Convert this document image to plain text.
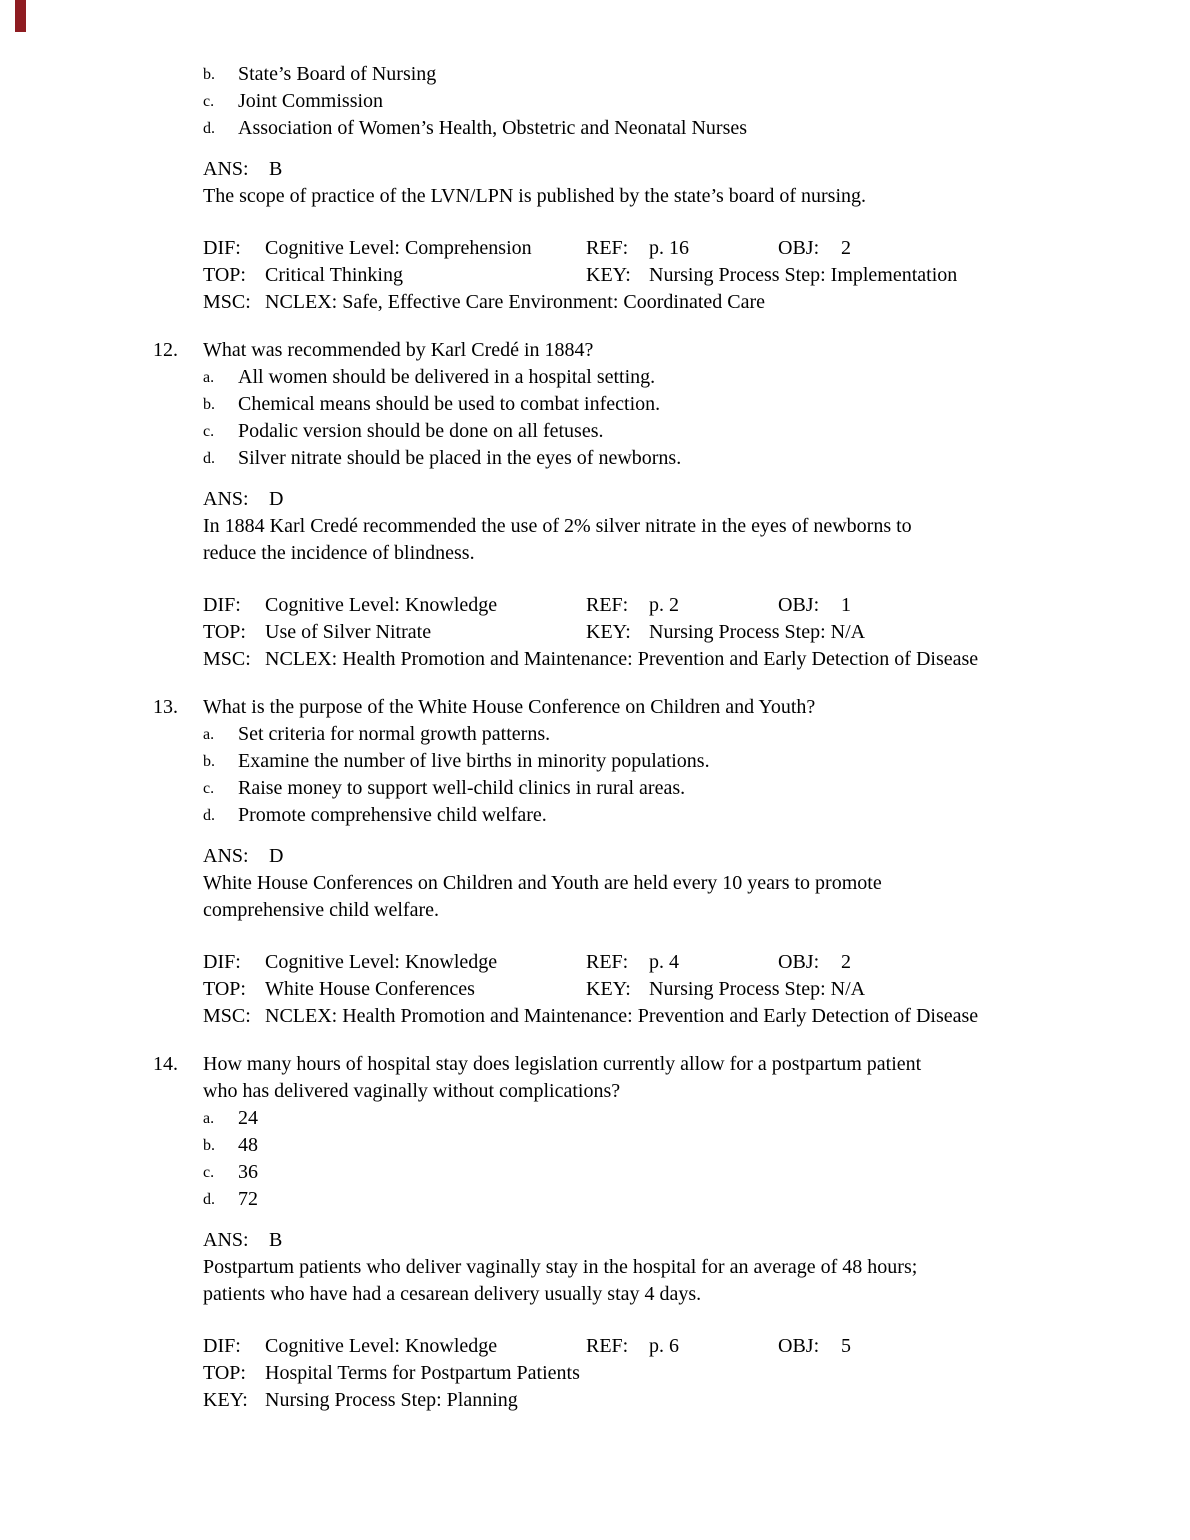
b. State’s Board of Nursing
c. Joint Commission
d. Association of Women’s Health, Obstetric and Neonatal Nurses
ANS: B
The scope of practice of the LVN/LPN is published by the state’s board of nursing.
DIF: Cognitive Level: Comprehension	REF: p. 16	OBJ: 2
TOP: Critical Thinking	KEY: Nursing Process Step: Implementation
MSC: NCLEX: Safe, Effective Care Environment: Coordinated Care
12. What was recommended by Karl Credé in 1884?
a. All women should be delivered in a hospital setting.
b. Chemical means should be used to combat infection.
c. Podalic version should be done on all fetuses.
d. Silver nitrate should be placed in the eyes of newborns.
ANS: D
In 1884 Karl Credé recommended the use of 2% silver nitrate in the eyes of newborns to
reduce the incidence of blindness.
DIF: Cognitive Level: Knowledge	REF: p. 2	OBJ: 1
TOP: Use of Silver Nitrate	KEY: Nursing Process Step: N/A
MSC: NCLEX: Health Promotion and Maintenance: Prevention and Early Detection of Disease
13. What is the purpose of the White House Conference on Children and Youth?
a. Set criteria for normal growth patterns.
b. Examine the number of live births in minority populations.
c. Raise money to support well-child clinics in rural areas.
d. Promote comprehensive child welfare.
ANS: D
White House Conferences on Children and Youth are held every 10 years to promote
comprehensive child welfare.
DIF: Cognitive Level: Knowledge	REF: p. 4	OBJ: 2
TOP: White House Conferences	KEY: Nursing Process Step: N/A
MSC: NCLEX: Health Promotion and Maintenance: Prevention and Early Detection of Disease
14. How many hours of hospital stay does legislation currently allow for a postpartum patient
who has delivered vaginally without complications?
a. 24
b. 48
c. 36
d. 72
ANS: B
Postpartum patients who deliver vaginally stay in the hospital for an average of 48 hours;
patients who have had a cesarean delivery usually stay 4 days.
DIF: Cognitive Level: Knowledge	REF: p. 6	OBJ: 5
TOP: Hospital Terms for Postpartum Patients
KEY: Nursing Process Step: Planning
